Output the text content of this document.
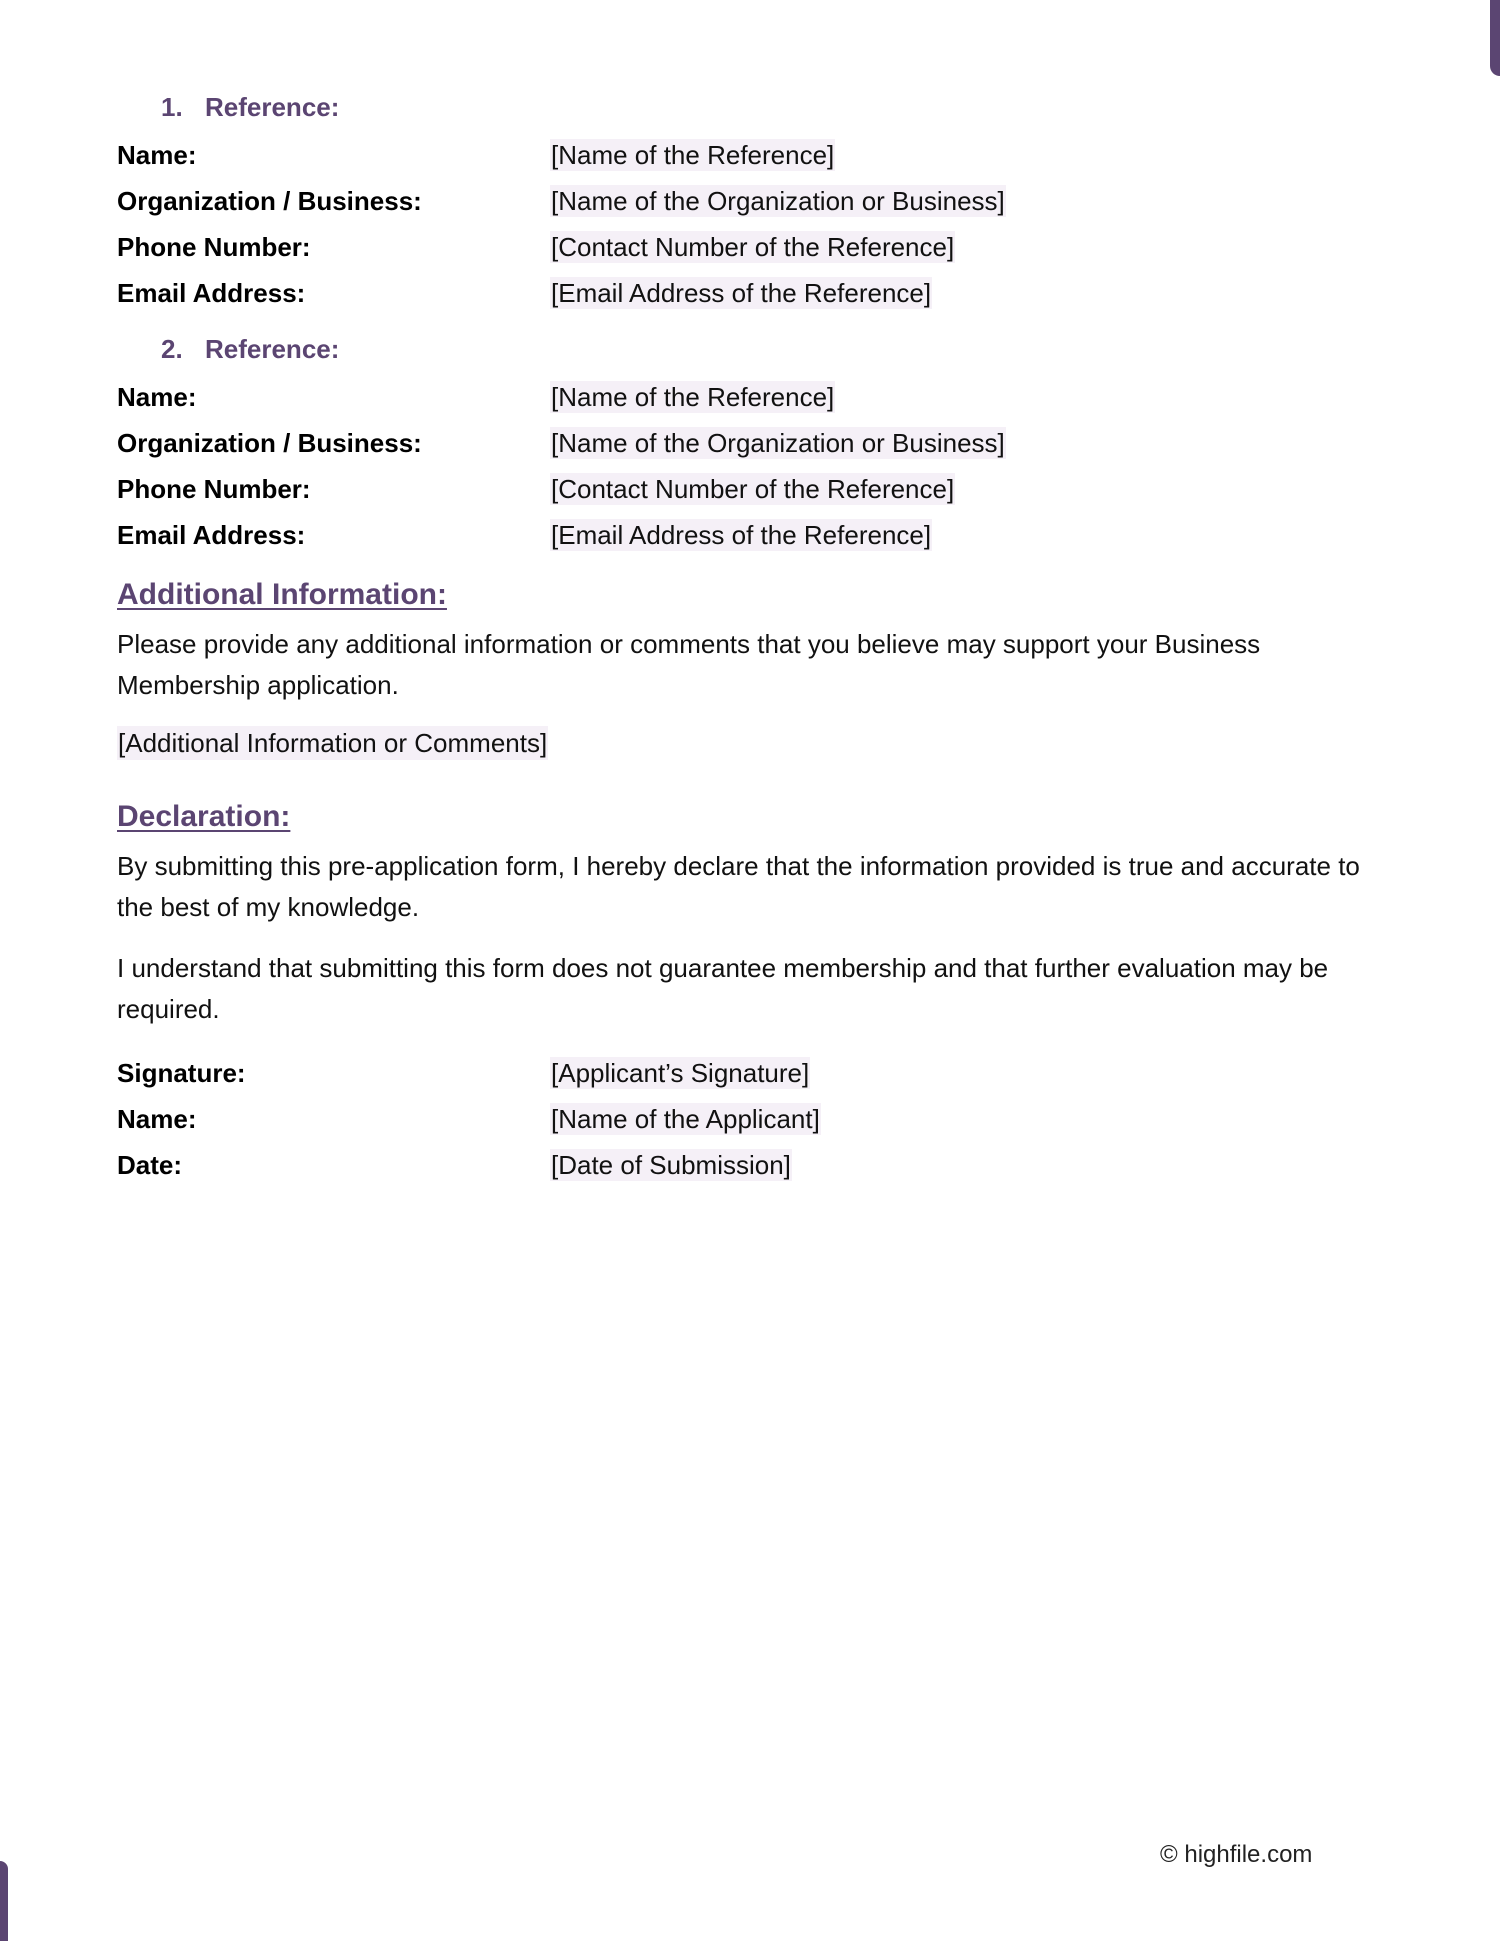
1. Reference:
Name:	[Name of the Reference]
Organization / Business:	[Name of the Organization or Business]
Phone Number:	[Contact Number of the Reference]
Email Address:	[Email Address of the Reference]
2. Reference:
Name:	[Name of the Reference]
Organization / Business:	[Name of the Organization or Business]
Phone Number:	[Contact Number of the Reference]
Email Address:	[Email Address of the Reference]
Additional Information:

Please provide any additional information or comments that you believe may support your Business Membership application.

[Additional Information or Comments]
Declaration:

By submitting this pre-application form, I hereby declare that the information provided is true and accurate to the best of my knowledge.

I understand that submitting this form does not guarantee membership and that further evaluation may be required.

Signature:	[Applicant’s Signature]
Name:	[Name of the Applicant]
Date:	[Date of Submission]
© highfile.com
